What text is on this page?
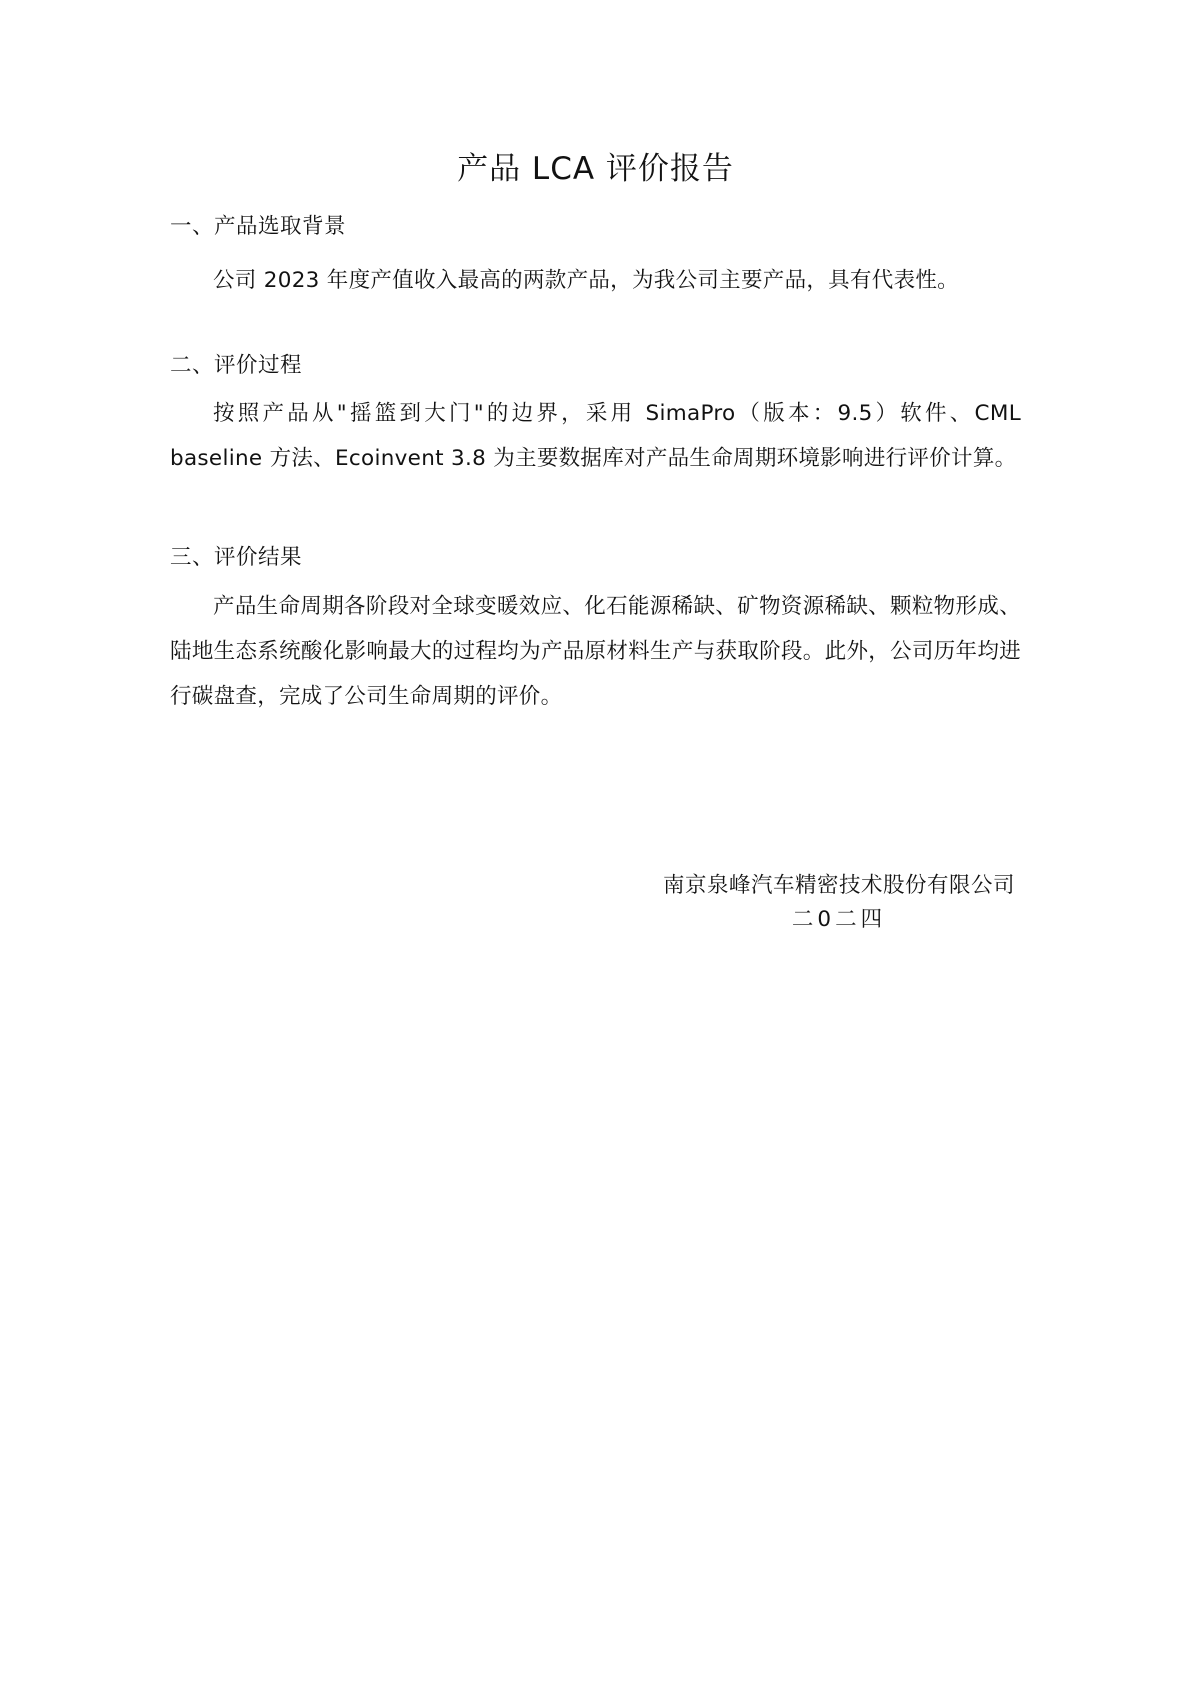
产品 LCA 评价报告
一、产品选取背景

公司 2023 年度产值收入最高的两款产品，为我公司主要产品，具有代表性。

二、评价过程

按照产品从"摇篮到大门"的边界，采用 SimaPro（版本：9.5）软件、CML baseline 方法、Ecoinvent 3.8 为主要数据库对产品生命周期环境影响进行评价计算。

三、评价结果

产品生命周期各阶段对全球变暖效应、化石能源稀缺、矿物资源稀缺、颗粒物形成、陆地生态系统酸化影响最大的过程均为产品原材料生产与获取阶段。此外，公司历年均进行碳盘查，完成了公司生命周期的评价。

南京泉峰汽车精密技术股份有限公司
二0二四
